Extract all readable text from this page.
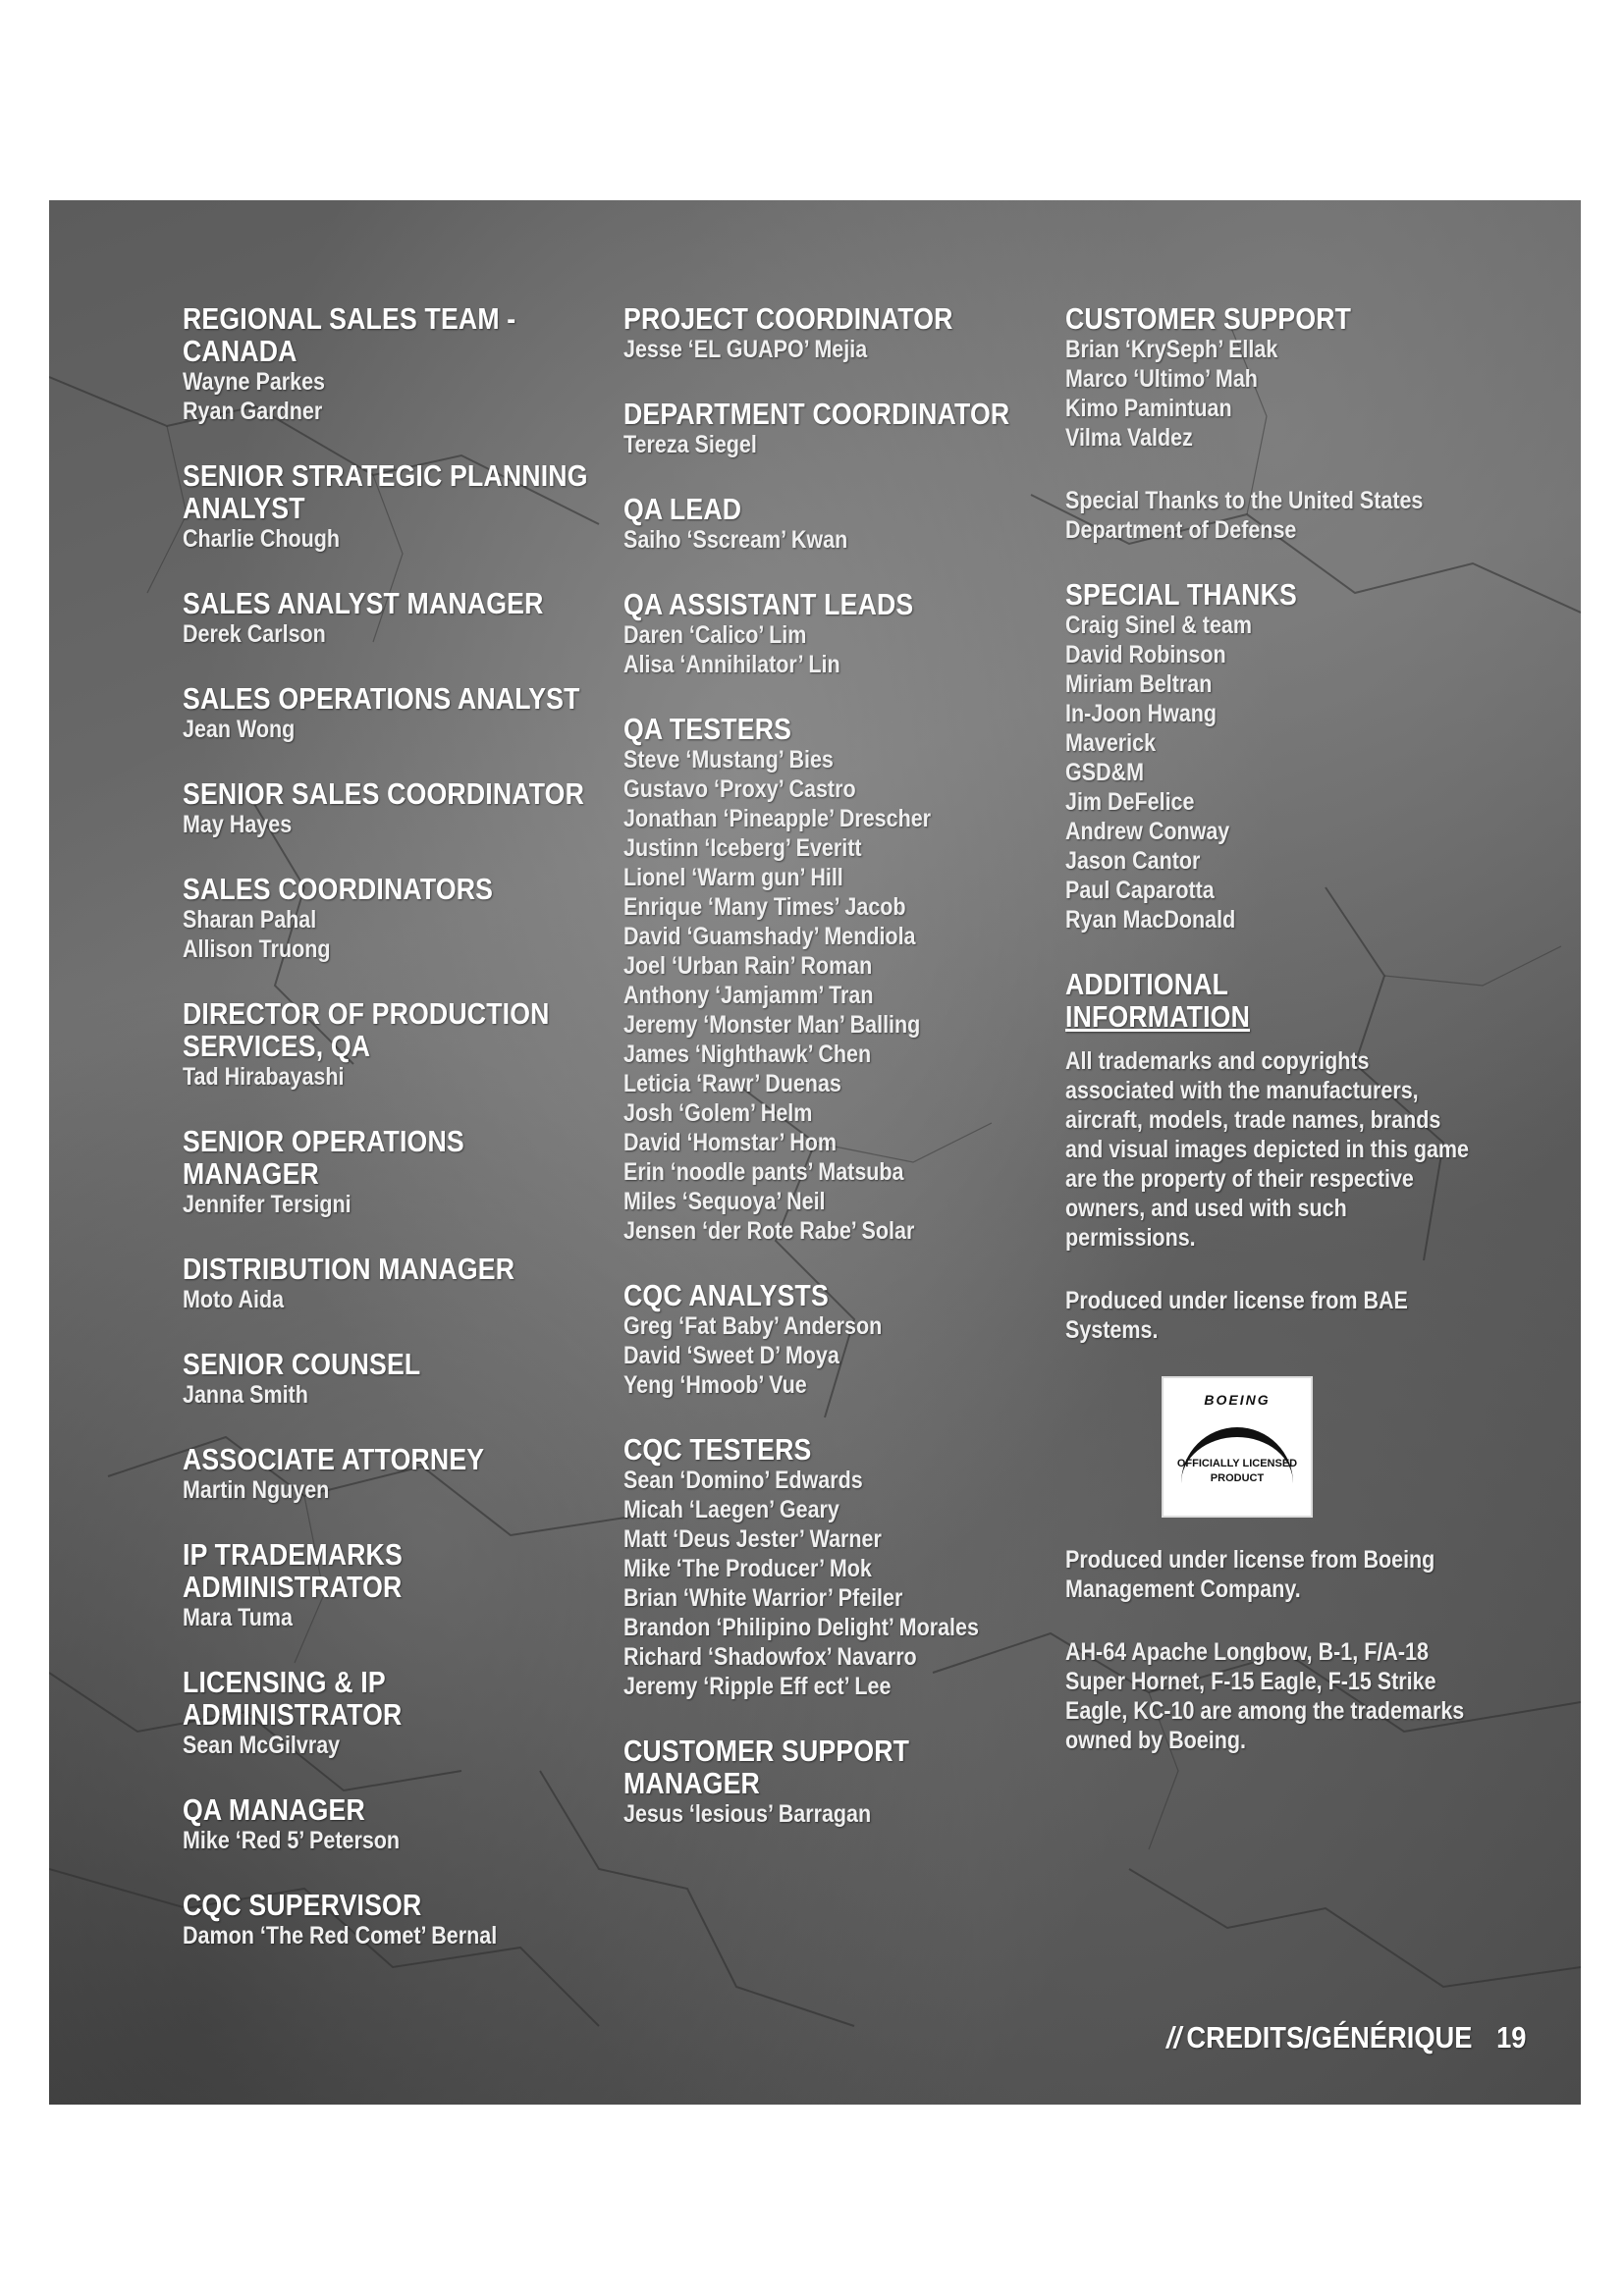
REGIONAL SALES TEAM - CANADA
Wayne Parkes
Ryan Gardner
SENIOR STRATEGIC PLANNING ANALYST
Charlie Chough
SALES ANALYST MANAGER
Derek Carlson
SALES OPERATIONS ANALYST
Jean Wong
SENIOR SALES COORDINATOR
May Hayes
SALES COORDINATORS
Sharan Pahal
Allison Truong
DIRECTOR OF PRODUCTION SERVICES, QA
Tad Hirabayashi
SENIOR OPERATIONS MANAGER
Jennifer Tersigni
DISTRIBUTION MANAGER
Moto Aida
SENIOR COUNSEL
Janna Smith
ASSOCIATE ATTORNEY
Martin Nguyen
IP TRADEMARKS ADMINISTRATOR
Mara Tuma
LICENSING & IP ADMINISTRATOR
Sean McGilvray
QA MANAGER
Mike ‘Red 5’ Peterson
CQC SUPERVISOR
Damon ‘The Red Comet’ Bernal
PROJECT COORDINATOR
Jesse ‘EL GUAPO’ Mejia
DEPARTMENT COORDINATOR
Tereza Siegel
QA LEAD
Saiho ‘Sscream’ Kwan
QA ASSISTANT LEADS
Daren ‘Calico’ Lim
Alisa ‘Annihilator’ Lin
QA TESTERS
Steve ‘Mustang’ Bies
Gustavo ‘Proxy’ Castro
Jonathan ‘Pineapple’ Drescher
Justinn ‘Iceberg’ Everitt
Lionel ‘Warm gun’ Hill
Enrique ‘Many Times’ Jacob
David ‘Guamshady’ Mendiola
Joel ‘Urban Rain’ Roman
Anthony ‘Jamjamm’ Tran
Jeremy ‘Monster Man’ Balling
James ‘Nighthawk’ Chen
Leticia ‘Rawr’ Duenas
Josh ‘Golem’ Helm
David ‘Homstar’ Hom
Erin ‘noodle pants’ Matsuba
Miles ‘Sequoya’ Neil
Jensen ‘der Rote Rabe’ Solar
CQC ANALYSTS
Greg ‘Fat Baby’ Anderson
David ‘Sweet D’ Moya
Yeng ‘Hmoob’ Vue
CQC TESTERS
Sean ‘Domino’ Edwards
Micah ‘Laegen’ Geary
Matt ‘Deus Jester’ Warner
Mike ‘The Producer’ Mok
Brian ‘White Warrior’ Pfeiler
Brandon ‘Philipino Delight’ Morales
Richard ‘Shadowfox’ Navarro
Jeremy ‘Ripple Eff ect’ Lee
CUSTOMER SUPPORT MANAGER
Jesus ‘lesious’ Barragan
CUSTOMER SUPPORT
Brian ‘KrySeph’ Ellak
Marco ‘Ultimo’ Mah
Kimo Pamintuan
Vilma Valdez
Special Thanks to the United States Department of Defense
SPECIAL THANKS
Craig Sinel & team
David Robinson
Miriam Beltran
In-Joon Hwang
Maverick
GSD&M
Jim DeFelice
Andrew Conway
Jason Cantor
Paul Caparotta
Ryan MacDonald
ADDITIONAL
INFORMATION
All trademarks and copyrights associated with the manufacturers, aircraft, models, trade names, brands and visual images depicted in this game are the property of their respective owners, and used with such permissions.
Produced under license from BAE Systems.
BOEING
OFFICIALLY LICENSED PRODUCT
Produced under license from Boeing Management Company.
AH-64 Apache Longbow, B-1, F/A-18 Super Hornet, F-15 Eagle, F-15 Strike Eagle, KC-10 are among the trademarks owned by Boeing.
// CREDITS/GÉNÉRIQUE 19
